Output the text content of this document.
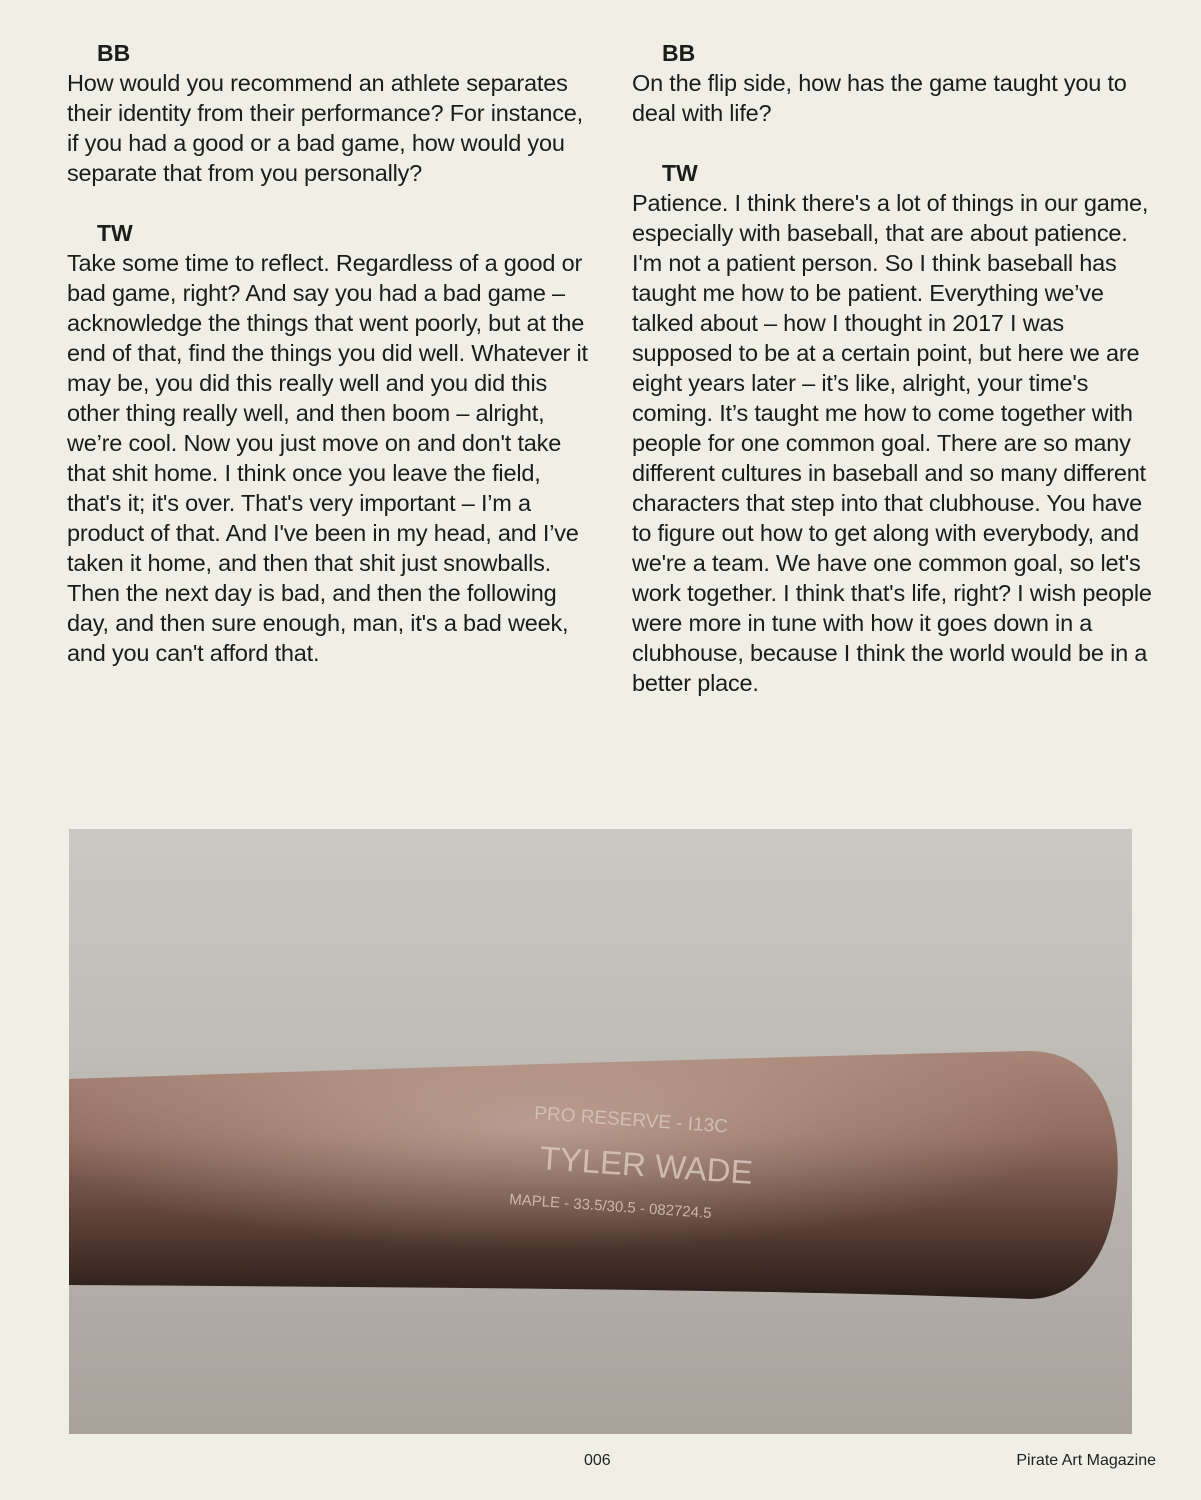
BB

How would you recommend an athlete separates their identity from their performance? For instance, if you had a good or a bad game, how would you separate that from you personally?

TW

Take some time to reflect. Regardless of a good or bad game, right? And say you had a bad game – acknowledge the things that went poorly, but at the end of that, find the things you did well. Whatever it may be, you did this really well and you did this other thing really well, and then boom – alright, we’re cool. Now you just move on and don't take that shit home. I think once you leave the field, that's it; it's over. That's very important – I’m a product of that. And I've been in my head, and I’ve taken it home, and then that shit just snowballs. Then the next day is bad, and then the following day, and then sure enough, man, it's a bad week, and you can't afford that.

BB

On the flip side, how has the game taught you to deal with life?

TW

Patience. I think there's a lot of things in our game, especially with baseball, that are about patience. I'm not a patient person. So I think baseball has taught me how to be patient. Everything we’ve talked about – how I thought in 2017 I was supposed to be at a certain point, but here we are eight years later – it’s like, alright, your time's coming. It’s taught me how to come together with people for one common goal. There are so many different cultures in baseball and so many different characters that step into that clubhouse. You have to figure out how to get along with everybody, and we're a team. We have one common goal, so let's work together. I think that's life, right? I wish people were more in tune with how it goes down in a clubhouse, because I think the world would be in a better place.

PRO RESERVE - I13C
TYLER WADE
MAPLE - 33.5/30.5 - 082724.5
006	Pirate Art Magazine
